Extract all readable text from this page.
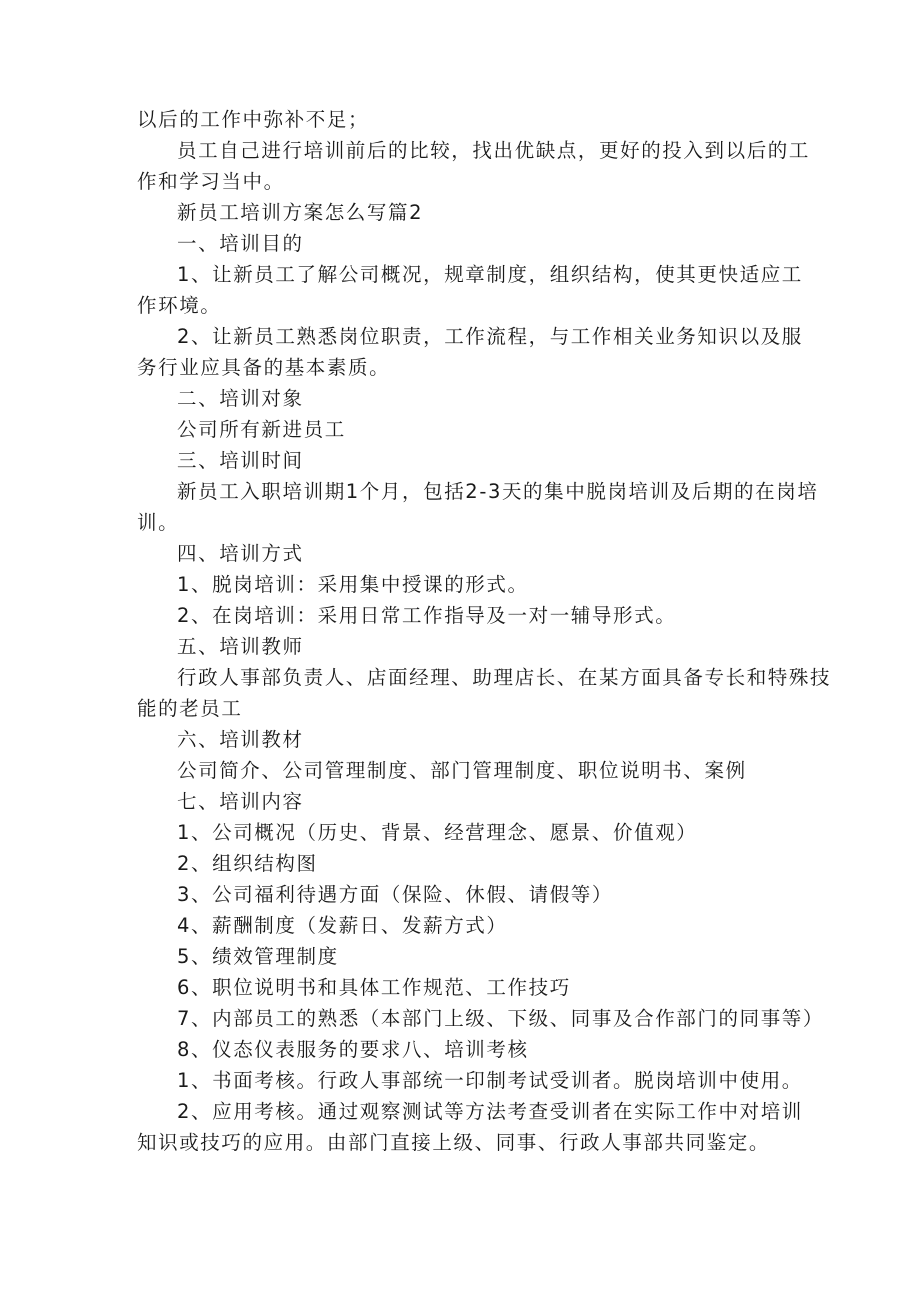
以后的工作中弥补不足；

员工自己进行培训前后的比较，找出优缺点，更好的投入到以后的工

作和学习当中。

新员工培训方案怎么写篇2

一、培训目的

1、让新员工了解公司概况，规章制度，组织结构，使其更快适应工

作环境。

2、让新员工熟悉岗位职责，工作流程，与工作相关业务知识以及服

务行业应具备的基本素质。

二、培训对象

公司所有新进员工

三、培训时间

新员工入职培训期1个月，包括2-3天的集中脱岗培训及后期的在岗培

训。

四、培训方式

1、脱岗培训：采用集中授课的形式。

2、在岗培训：采用日常工作指导及一对一辅导形式。

五、培训教师

行政人事部负责人、店面经理、助理店长、在某方面具备专长和特殊技

能的老员工

六、培训教材

公司简介、公司管理制度、部门管理制度、职位说明书、案例

七、培训内容

1、公司概况（历史、背景、经营理念、愿景、价值观）

2、组织结构图

3、公司福利待遇方面（保险、休假、请假等）

4、薪酬制度（发薪日、发薪方式）

5、绩效管理制度

6、职位说明书和具体工作规范、工作技巧

7、内部员工的熟悉（本部门上级、下级、同事及合作部门的同事等）

8、仪态仪表服务的要求八、培训考核

1、书面考核。行政人事部统一印制考试受训者。脱岗培训中使用。

2、应用考核。通过观察测试等方法考查受训者在实际工作中对培训

知识或技巧的应用。由部门直接上级、同事、行政人事部共同鉴定。
